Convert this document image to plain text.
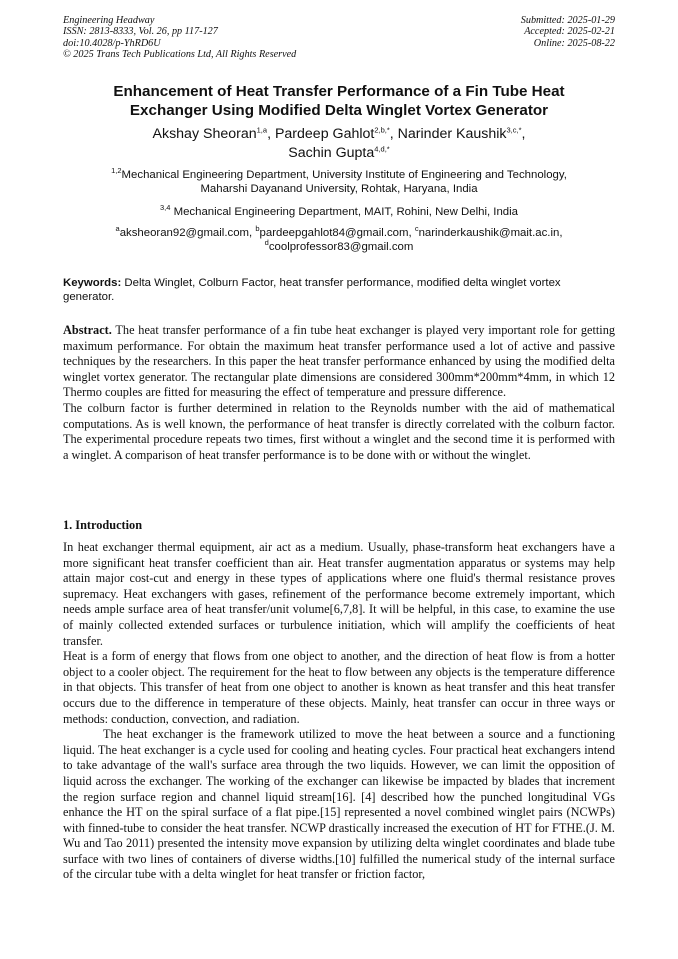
Engineering Headway
ISSN: 2813-8333, Vol. 26, pp 117-127
doi:10.4028/p-YhRD6U
© 2025 Trans Tech Publications Ltd, All Rights Reserved
Submitted: 2025-01-29
Accepted: 2025-02-21
Online: 2025-08-22
Enhancement of Heat Transfer Performance of a Fin Tube Heat
Exchanger Using Modified Delta Winglet Vortex Generator
Akshay Sheoran$^{1,a}$, Pardeep Gahlot$^{2,b,*}$, Narinder Kaushik$^{3,c,*}$,
Sachin Gupta$^{4,d,*}$
$^{1,2}$Mechanical Engineering Department, University Institute of Engineering and Technology,
Maharshi Dayanand University, Rohtak, Haryana, India
$^{3,4}$ Mechanical Engineering Department, MAIT, Rohini, New Delhi, India
$^a$aksheoran92@gmail.com, $^b$pardeepgahlot84@gmail.com, $^c$narinderkaushik@mait.ac.in,
$^d$coolprofessor83@gmail.com
Keywords: Delta Winglet, Colburn Factor, heat transfer performance, modified delta winglet vortex generator.

Abstract. The heat transfer performance of a fin tube heat exchanger is played very important role for getting maximum performance. For obtain the maximum heat transfer performance used a lot of active and passive techniques by the researchers. In this paper the heat transfer performance enhanced by using the modified delta winglet vortex generator. The rectangular plate dimensions are considered 300mm*200mm*4mm, in which 12 Thermo couples are fitted for measuring the effect of temperature and pressure difference.

The colburn factor is further determined in relation to the Reynolds number with the aid of mathematical computations. As is well known, the performance of heat transfer is directly correlated with the colburn factor. The experimental procedure repeats two times, first without a winglet and the second time it is performed with a winglet. A comparison of heat transfer performance is to be done with or without the winglet.

1. Introduction

In heat exchanger thermal equipment, air act as a medium. Usually, phase-transform heat exchangers have a more significant heat transfer coefficient than air. Heat transfer augmentation apparatus or systems may help attain major cost-cut and energy in these types of applications where one fluid's thermal resistance proves supremacy. Heat exchangers with gases, refinement of the performance become extremely important, which needs ample surface area of heat transfer/unit volume[6,7,8]. It will be helpful, in this case, to examine the use of mainly collected extended surfaces or turbulence initiation, which will amplify the coefficients of heat transfer.

Heat is a form of energy that flows from one object to another, and the direction of heat flow is from a hotter object to a cooler object. The requirement for the heat to flow between any objects is the temperature difference in that objects. This transfer of heat from one object to another is known as heat transfer and this heat transfer occurs due to the difference in temperature of these objects. Mainly, heat transfer can occur in three ways or methods: conduction, convection, and radiation.

The heat exchanger is the framework utilized to move the heat between a source and a functioning liquid. The heat exchanger is a cycle used for cooling and heating cycles. Four practical heat exchangers intend to take advantage of the wall's surface area through the two liquids. However, we can limit the opposition of liquid across the exchanger. The working of the exchanger can likewise be impacted by blades that increment the region surface region and channel liquid stream[16]. [4] described how the punched longitudinal VGs enhance the HT on the spiral surface of a flat pipe.[15] represented a novel combined winglet pairs (NCWPs) with finned-tube to consider the heat transfer. NCWP drastically increased the execution of HT for FTHE.(J. M. Wu and Tao 2011) presented the intensity move expansion by utilizing delta winglet coordinates and blade tube surface with two lines of containers of diverse widths.[10] fulfilled the numerical study of the internal surface of the circular tube with a delta winglet for heat transfer or friction factor,
